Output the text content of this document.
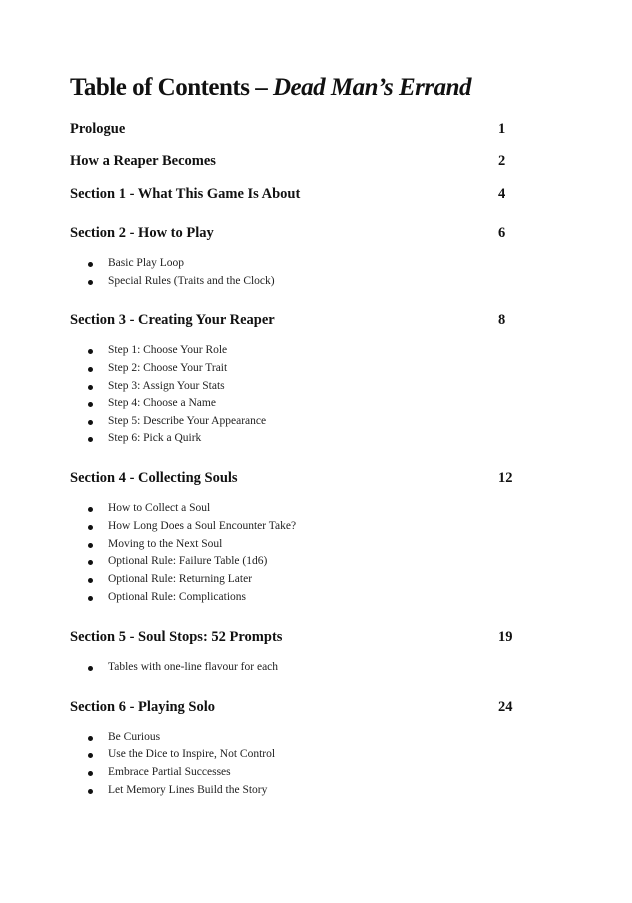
Table of Contents – Dead Man’s Errand
Prologue	1
How a Reaper Becomes	2
Section 1 - What This Game Is About	4
Section 2 - How to Play	6
Basic Play Loop
Special Rules (Traits and the Clock)
Section 3 - Creating Your Reaper	8
Step 1: Choose Your Role
Step 2: Choose Your Trait
Step 3: Assign Your Stats
Step 4: Choose a Name
Step 5: Describe Your Appearance
Step 6: Pick a Quirk
Section 4 - Collecting Souls	12
How to Collect a Soul
How Long Does a Soul Encounter Take?
Moving to the Next Soul
Optional Rule: Failure Table (1d6)
Optional Rule: Returning Later
Optional Rule: Complications
Section 5 - Soul Stops: 52 Prompts	19
Tables with one-line flavour for each
Section 6 - Playing Solo	24
Be Curious
Use the Dice to Inspire, Not Control
Embrace Partial Successes
Let Memory Lines Build the Story
